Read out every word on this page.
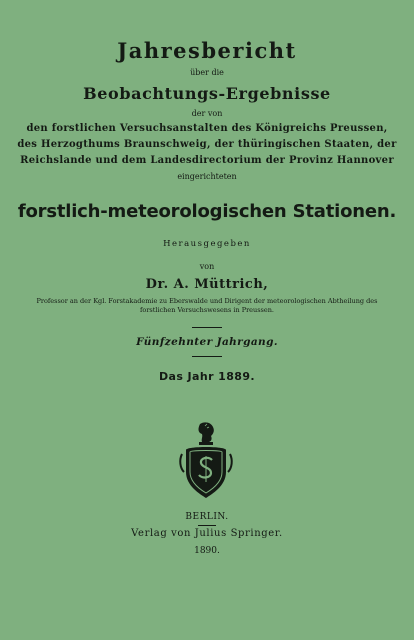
Jahresbericht
über die
Beobachtungs-Ergebnisse
der von
den forstlichen Versuchsanstalten des Königreichs Preussen,
des Herzogthums Braunschweig, der thüringischen Staaten, der
Reichslande und dem Landesdirectorium der Provinz Hannover
eingerichteten
forstlich-meteorologischen Stationen.
Herausgegeben
von
Dr. A. Müttrich,
Professor an der Kgl. Forstakademie zu Eberswalde und Dirigent der meteorologischen Abtheilung des
forstlichen Versuchswesens in Preussen.
Fünfzehnter Jahrgang.
Das Jahr 1889.
BERLIN.
Verlag von Julius Springer.
1890.
